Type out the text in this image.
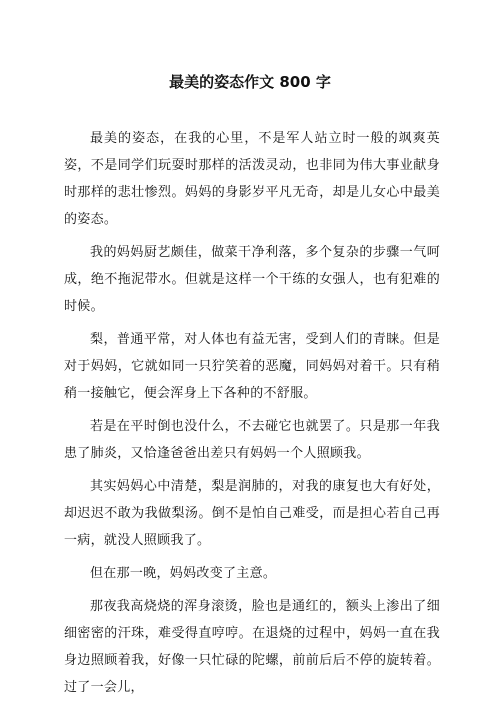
最美的姿态作文 800 字

最美的姿态，在我的心里，不是军人站立时一般的飒爽英姿，不是同学们玩耍时那样的活泼灵动，也非同为伟大事业献身时那样的悲壮惨烈。妈妈的身影岁平凡无奇，却是儿女心中最美的姿态。

我的妈妈厨艺颇佳，做菜干净利落，多个复杂的步骤一气呵成，绝不拖泥带水。但就是这样一个干练的女强人，也有犯难的时候。

梨，普通平常，对人体也有益无害，受到人们的青睐。但是对于妈妈，它就如同一只狞笑着的恶魔，同妈妈对着干。只有稍稍一接触它，便会浑身上下各种的不舒服。

若是在平时倒也没什么，不去碰它也就罢了。只是那一年我患了肺炎，又恰逢爸爸出差只有妈妈一个人照顾我。

其实妈妈心中清楚，梨是润肺的，对我的康复也大有好处，却迟迟不敢为我做梨汤。倒不是怕自己难受，而是担心若自己再一病，就没人照顾我了。

但在那一晚，妈妈改变了主意。

那夜我高烧烧的浑身滚烫，脸也是通红的，额头上渗出了细细密密的汗珠，难受得直哼哼。在退烧的过程中，妈妈一直在我身边照顾着我，好像一只忙碌的陀螺，前前后后不停的旋转着。过了一会儿，
